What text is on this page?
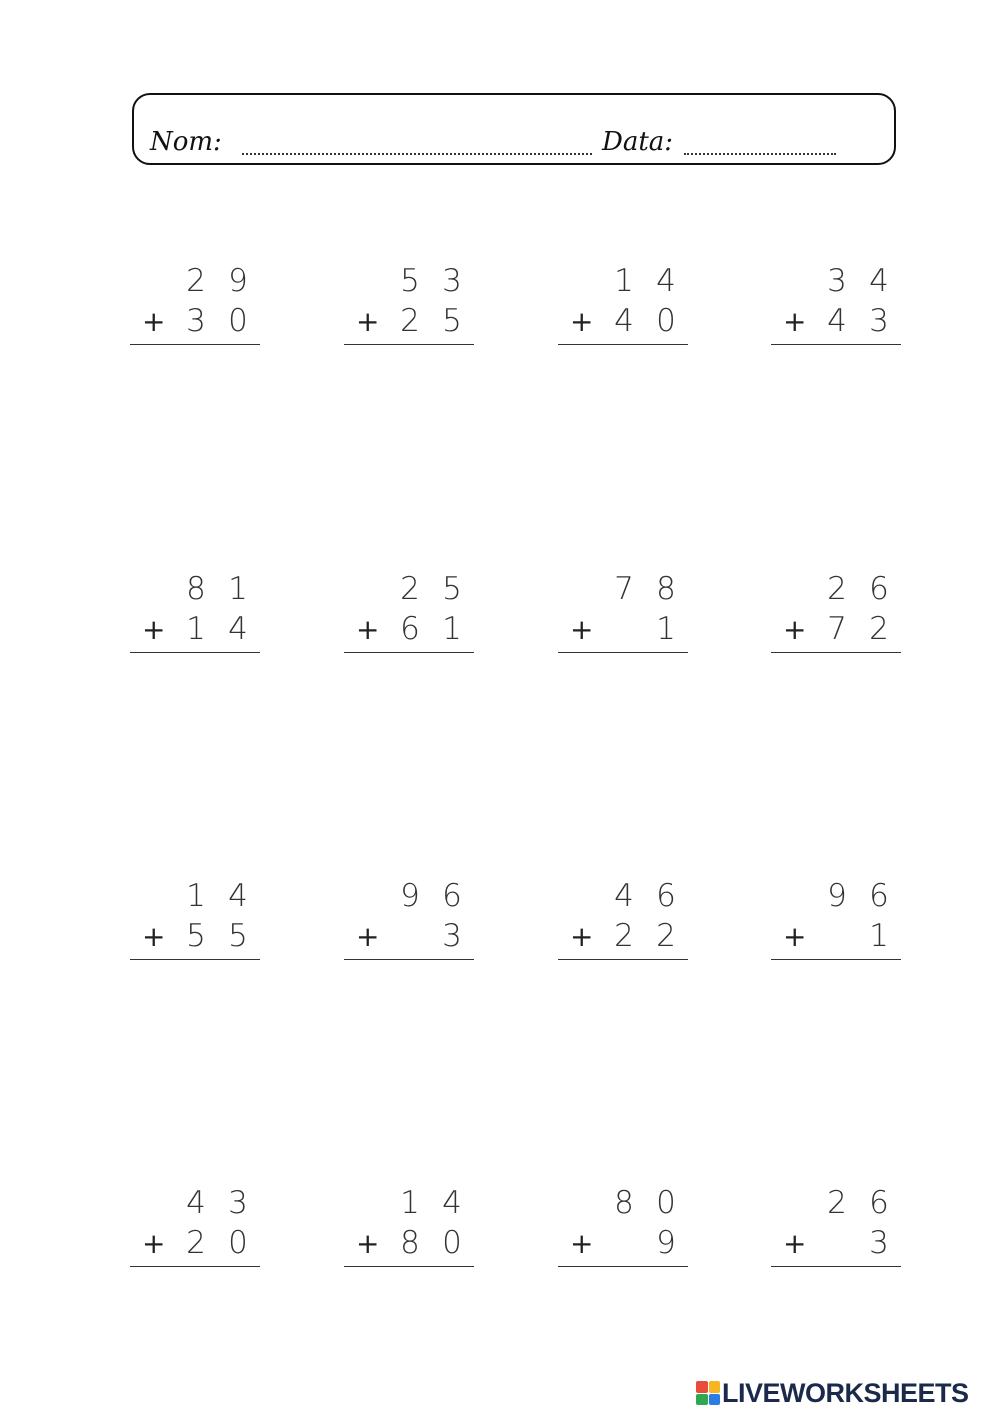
Nom:	Data:
2 9
+ 3 0
5 3
+ 2 5
1 4
+ 4 0
3 4
+ 4 3
8 1
+ 1 4
2 5
+ 6 1
7 8
+ 1
2 6
+ 7 2
1 4
+ 5 5
9 6
+ 3
4 6
+ 2 2
9 6
+ 1
4 3
+ 2 0
1 4
+ 8 0
8 0
+ 9
2 6
+ 3
LIVEWORKSHEETS
